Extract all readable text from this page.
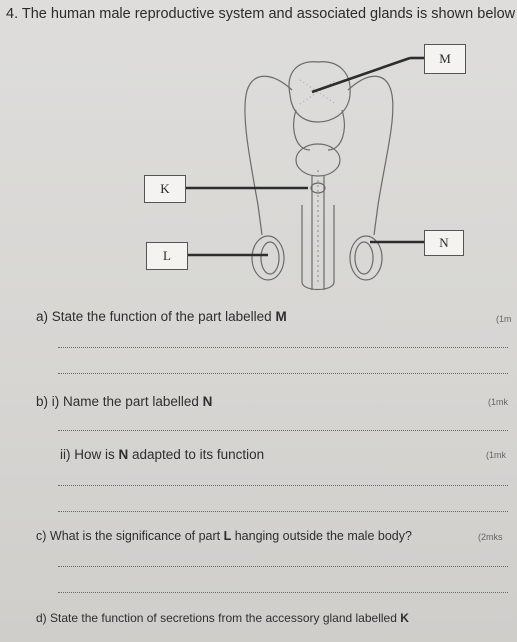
4. The human male reproductive system and associated glands is shown below
M
K
L
N
a) State the function of the part labelled M	(1m
b) i) Name the part labelled N	(1mk
ii) How is N adapted to its function	(1mk
c) What is the significance of part L hanging outside the male body?	(2mks
d) State the function of secretions from the accessory gland labelled K
